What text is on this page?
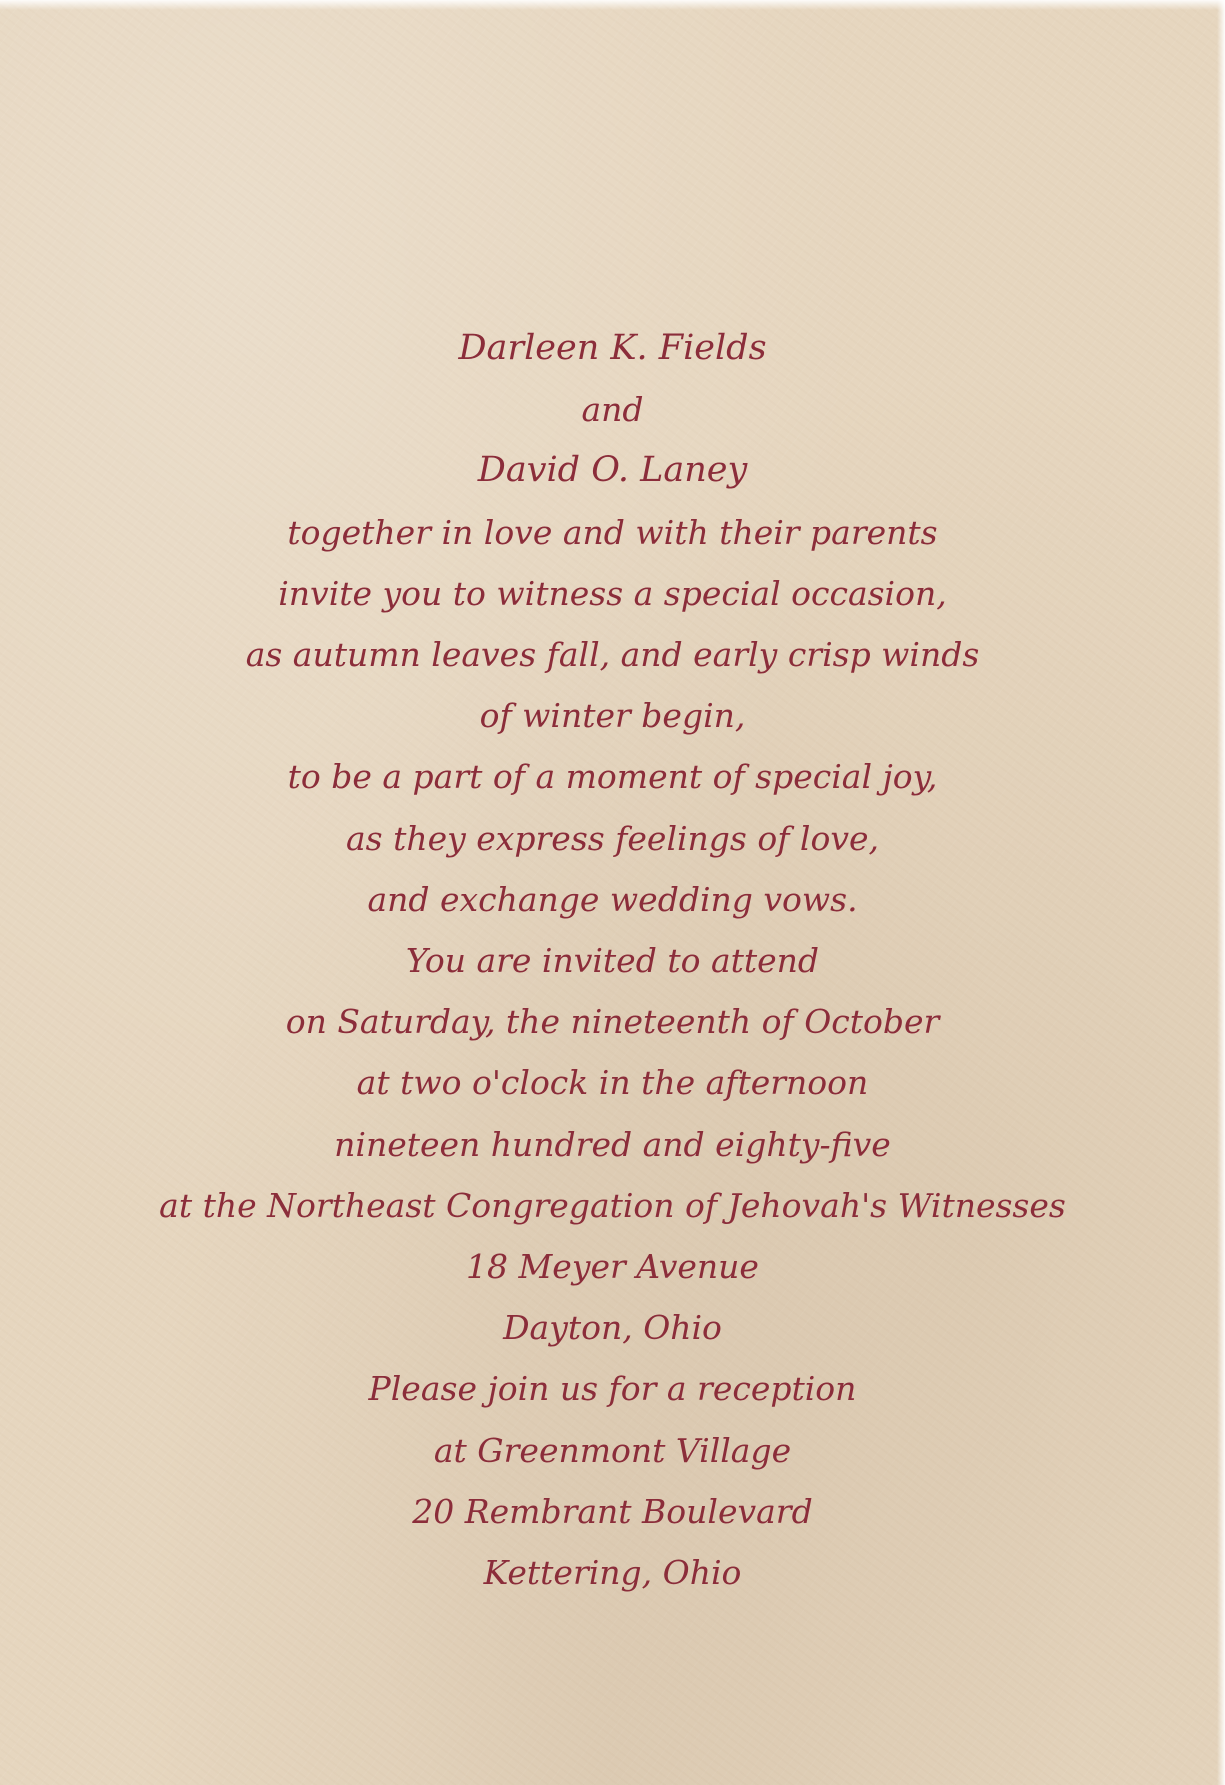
Darleen K. Fields
and
David O. Laney
together in love and with their parents
invite you to witness a special occasion,
as autumn leaves fall, and early crisp winds
of winter begin,
to be a part of a moment of special joy,
as they express feelings of love,
and exchange wedding vows.
You are invited to attend
on Saturday, the nineteenth of October
at two o'clock in the afternoon
nineteen hundred and eighty-five
at the Northeast Congregation of Jehovah's Witnesses
18 Meyer Avenue
Dayton, Ohio
Please join us for a reception
at Greenmont Village
20 Rembrant Boulevard
Kettering, Ohio
